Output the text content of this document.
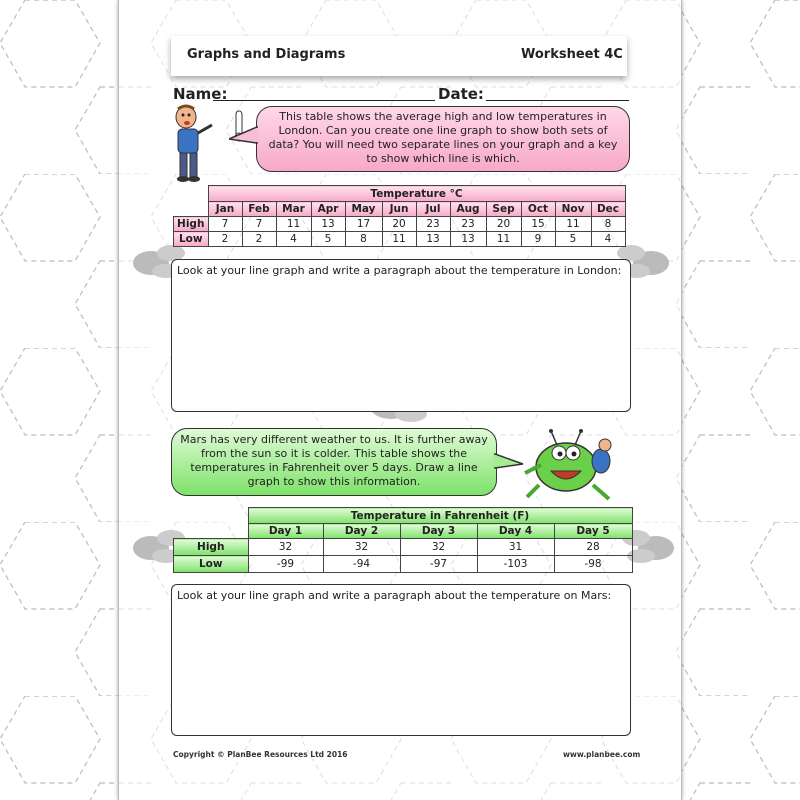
Graphs and Diagrams	Worksheet 4C
Name:	Date:
This table shows the average high and low temperatures in
London. Can you create one line graph to show both sets of
data? You will need two separate lines on your graph and a key
to show which line is which.
	Temperature °C											
	Jan	Feb	Mar	Apr	May	Jun	Jul	Aug	Sep	Oct	Nov	Dec
High	7	7	11	13	17	20	23	23	20	15	11	8
Low	2	2	4	5	8	11	13	13	11	9	5	4
Look at your line graph and write a paragraph about the temperature in London:
Mars has very different weather to us. It is further away
from the sun so it is colder. This table shows the
temperatures in Fahrenheit over 5 days. Draw a line
graph to show this information.
	Temperature in Fahrenheit (F)				
	Day 1	Day 2	Day 3	Day 4	Day 5
High	32	32	32	31	28
Low	-99	-94	-97	-103	-98
Look at your line graph and write a paragraph about the temperature on Mars:
Copyright © PlanBee Resources Ltd 2016	www.planbee.com
